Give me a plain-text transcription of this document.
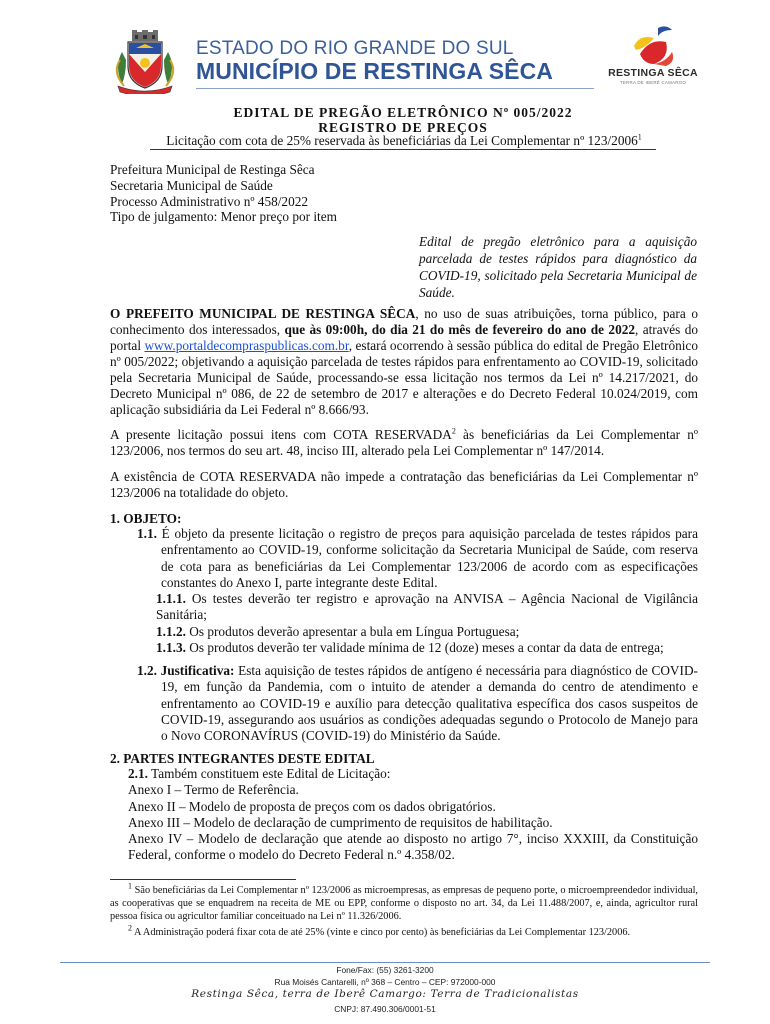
ESTADO DO RIO GRANDE DO SUL
MUNICÍPIO DE RESTINGA SÊCA	RESTINGA SÊCA
TERRA DE IBERÊ CAMARGO
EDITAL DE PREGÃO ELETRÔNICO Nº 005/2022
REGISTRO DE PREÇOS
Licitação com cota de 25% reservada às beneficiárias da Lei Complementar nº 123/2006$^1$
Prefeitura Municipal de Restinga Sêca
Secretaria Municipal de Saúde
Processo Administrativo nº 458/2022
Tipo de julgamento: Menor preço por item
Edital de pregão eletrônico para a aquisição parcelada de testes rápidos para diagnóstico da COVID-19, solicitado pela Secretaria Municipal de Saúde.
O PREFEITO MUNICIPAL DE RESTINGA SÊCA, no uso de suas atribuições, torna público, para o conhecimento dos interessados, que às 09:00h, do dia 21 do mês de fevereiro do ano de 2022, através do portal www.portaldecompraspublicas.com.br, estará ocorrendo à sessão pública do edital de Pregão Eletrônico nº 005/2022; objetivando a aquisição parcelada de testes rápidos para enfrentamento ao COVID-19, solicitado pela Secretaria Municipal de Saúde, processando-se essa licitação nos termos da Lei nº 14.217/2021, do Decreto Municipal nº 086, de 22 de setembro de 2017 e alterações e do Decreto Federal 10.024/2019, com aplicação subsidiária da Lei Federal nº 8.666/93.
A presente licitação possui itens com COTA RESERVADA$^2$ às beneficiárias da Lei Complementar nº 123/2006, nos termos do seu art. 48, inciso III, alterado pela Lei Complementar nº 147/2014.
A existência de COTA RESERVADA não impede a contratação das beneficiárias da Lei Complementar nº 123/2006 na totalidade do objeto.
1. OBJETO:
1.1. É objeto da presente licitação o registro de preços para aquisição parcelada de testes rápidos para enfrentamento ao COVID-19, conforme solicitação da Secretaria Municipal de Saúde, com reserva de cota para as beneficiárias da Lei Complementar 123/2006 de acordo com as especificações constantes do Anexo I, parte integrante deste Edital.
1.1.1. Os testes deverão ter registro e aprovação na ANVISA – Agência Nacional de Vigilância Sanitária;
1.1.2. Os produtos deverão apresentar a bula em Língua Portuguesa;
1.1.3. Os produtos deverão ter validade mínima de 12 (doze) meses a contar da data de entrega;
1.2. Justificativa: Esta aquisição de testes rápidos de antígeno é necessária para diagnóstico de COVID-19, em função da Pandemia, com o intuito de atender a demanda do centro de atendimento e enfrentamento ao COVID-19 e auxílio para detecção qualitativa específica dos casos suspeitos de COVID-19, assegurando aos usuários as condições adequadas segundo o Protocolo de Manejo para o Novo CORONAVÍRUS (COVID-19) do Ministério da Saúde.
2. PARTES INTEGRANTES DESTE EDITAL
2.1. Também constituem este Edital de Licitação:
Anexo I – Termo de Referência.
Anexo II – Modelo de proposta de preços com os dados obrigatórios.
Anexo III – Modelo de declaração de cumprimento de requisitos de habilitação.
Anexo IV – Modelo de declaração que atende ao disposto no artigo 7°, inciso XXXIII, da Constituição Federal, conforme o modelo do Decreto Federal n.º 4.358/02.
$^1$ São beneficiárias da Lei Complementar nº 123/2006 as microempresas, as empresas de pequeno porte, o microempreendedor individual, as cooperativas que se enquadrem na receita de ME ou EPP, conforme o disposto no art. 34, da Lei 11.488/2007, e, ainda, agricultor rural pessoa física ou agricultor familiar conceituado na Lei nº 11.326/2006.
$^2$ A Administração poderá fixar cota de até 25% (vinte e cinco por cento) às beneficiárias da Lei Complementar 123/2006.
Fone/Fax: (55) 3261-3200
Rua Moisés Cantarelli, nº 368 – Centro – CEP: 972000-000
Restinga Sêca, terra de Iberê Camargo: Terra de Tradicionalistas
CNPJ: 87.490.306/0001-51
